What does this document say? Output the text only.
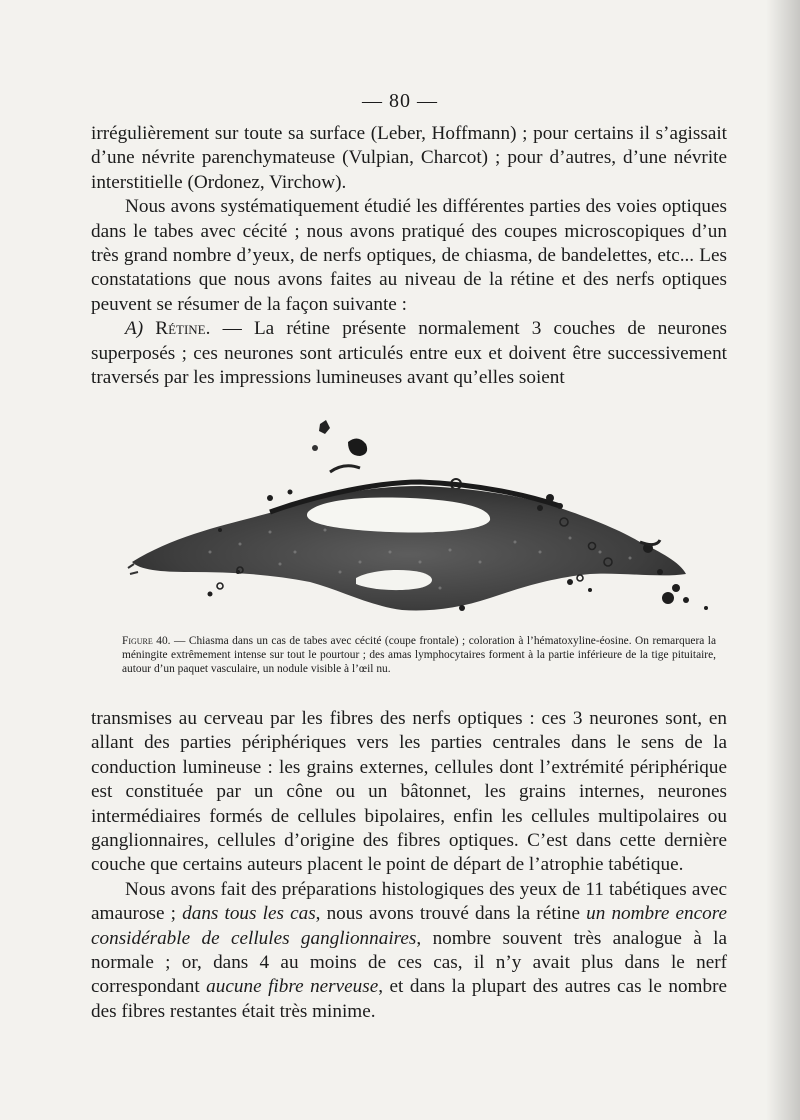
— 80 —

irrégulièrement sur toute sa surface (Leber, Hoffmann) ; pour certains il s’agissait d’une névrite parenchymateuse (Vulpian, Charcot) ; pour d’autres, d’une névrite interstitielle (Ordonez, Virchow).

Nous avons systématiquement étudié les différentes parties des voies optiques dans le tabes avec cécité ; nous avons pratiqué des coupes microscopiques d’un très grand nombre d’yeux, de nerfs optiques, de chiasma, de bandelettes, etc... Les constatations que nous avons faites au niveau de la rétine et des nerfs optiques peuvent se résumer de la façon suivante :

A) Rétine. — La rétine présente normalement 3 couches de neurones superposés ; ces neurones sont articulés entre eux et doivent être successivement traversés par les impressions lumineuses avant qu’elles soient

Figure 40. — Chiasma dans un cas de tabes avec cécité (coupe frontale) ; coloration à l’hématoxyline-éosine. On remarquera la méningite extrêmement intense sur tout le pourtour ; des amas lymphocytaires forment à la partie inférieure de la tige pituitaire, autour d’un paquet vasculaire, un nodule visible à l’œil nu.

transmises au cerveau par les fibres des nerfs optiques : ces 3 neurones sont, en allant des parties périphériques vers les parties centrales dans le sens de la conduction lumineuse : les grains externes, cellules dont l’extrémité périphérique est constituée par un cône ou un bâtonnet, les grains internes, neurones intermédiaires formés de cellules bipolaires, enfin les cellules multipolaires ou ganglionnaires, cellules d’origine des fibres optiques. C’est dans cette dernière couche que certains auteurs placent le point de départ de l’atrophie tabétique.

Nous avons fait des préparations histologiques des yeux de 11 tabétiques avec amaurose ; dans tous les cas, nous avons trouvé dans la rétine un nombre encore considérable de cellules ganglionnaires, nombre souvent très analogue à la normale ; or, dans 4 au moins de ces cas, il n’y avait plus dans le nerf correspondant aucune fibre nerveuse, et dans la plupart des autres cas le nombre des fibres restantes était très minime.
